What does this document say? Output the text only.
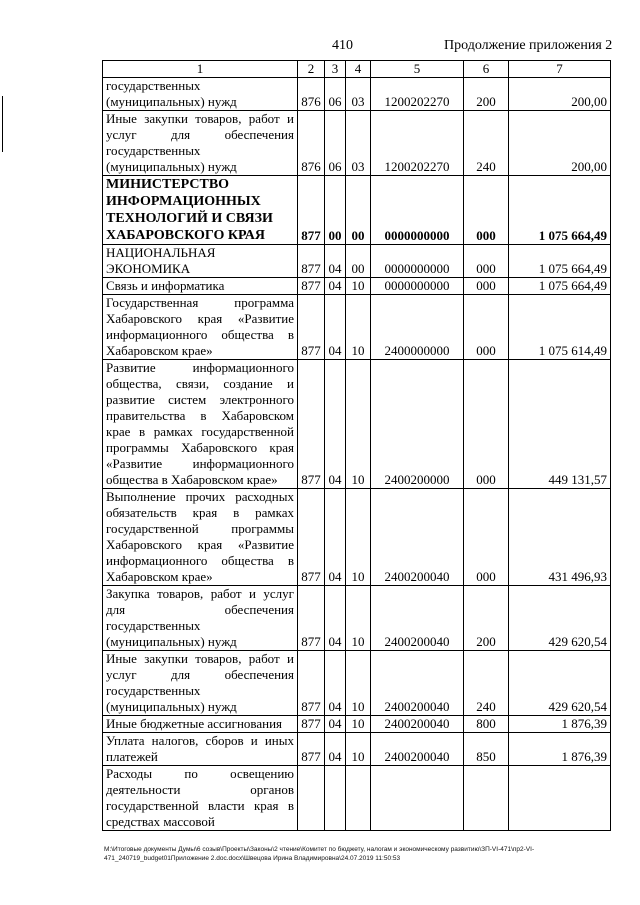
410	Продолжение приложения 2
1	2	3	4	5	6	7
государственных (муниципальных) нужд	876	06	03	1200202270	200	200,00
Иные закупки товаров, работ и услуг для обеспечения государственных (муниципальных) нужд	876	06	03	1200202270	240	200,00
МИНИСТЕРСТВО ИНФОРМАЦИОННЫХ ТЕХНОЛОГИЙ И СВЯЗИ ХАБАРОВСКОГО КРАЯ	877	00	00	0000000000	000	1 075 664,49
НАЦИОНАЛЬНАЯ ЭКОНОМИКА	877	04	00	0000000000	000	1 075 664,49
Связь и информатика	877	04	10	0000000000	000	1 075 664,49
Государственная программа Хабаровского края «Развитие информационного общества в Хабаровском крае»	877	04	10	2400000000	000	1 075 614,49
Развитие информационного общества, связи, создание и развитие систем электронного правительства в Хабаровском крае в рамках государственной программы Хабаровского края «Развитие информационного общества в Хабаровском крае»	877	04	10	2400200000	000	449 131,57
Выполнение прочих расходных обязательств края в рамках государственной программы Хабаровского края «Развитие информационного общества в Хабаровском крае»	877	04	10	2400200040	000	431 496,93
Закупка товаров, работ и услуг для обеспечения государственных (муниципальных) нужд	877	04	10	2400200040	200	429 620,54
Иные закупки товаров, работ и услуг для обеспечения государственных (муниципальных) нужд	877	04	10	2400200040	240	429 620,54
Иные бюджетные ассигнования	877	04	10	2400200040	800	1 876,39
Уплата налогов, сборов и иных платежей	877	04	10	2400200040	850	1 876,39
Расходы по освещению деятельности органов государственной власти края в средствах массовой						
М:\Итоговые документы Думы\6 созыв\Проекты\Законы\2 чтение\Комитет по бюджету, налогам и экономическому развитию\ЗП-VI-471\пр2-VI-471_240719_budget01Приложение 2.doc.docx\Швецова Ирина Владимировна\24.07.2019 11:50:53
